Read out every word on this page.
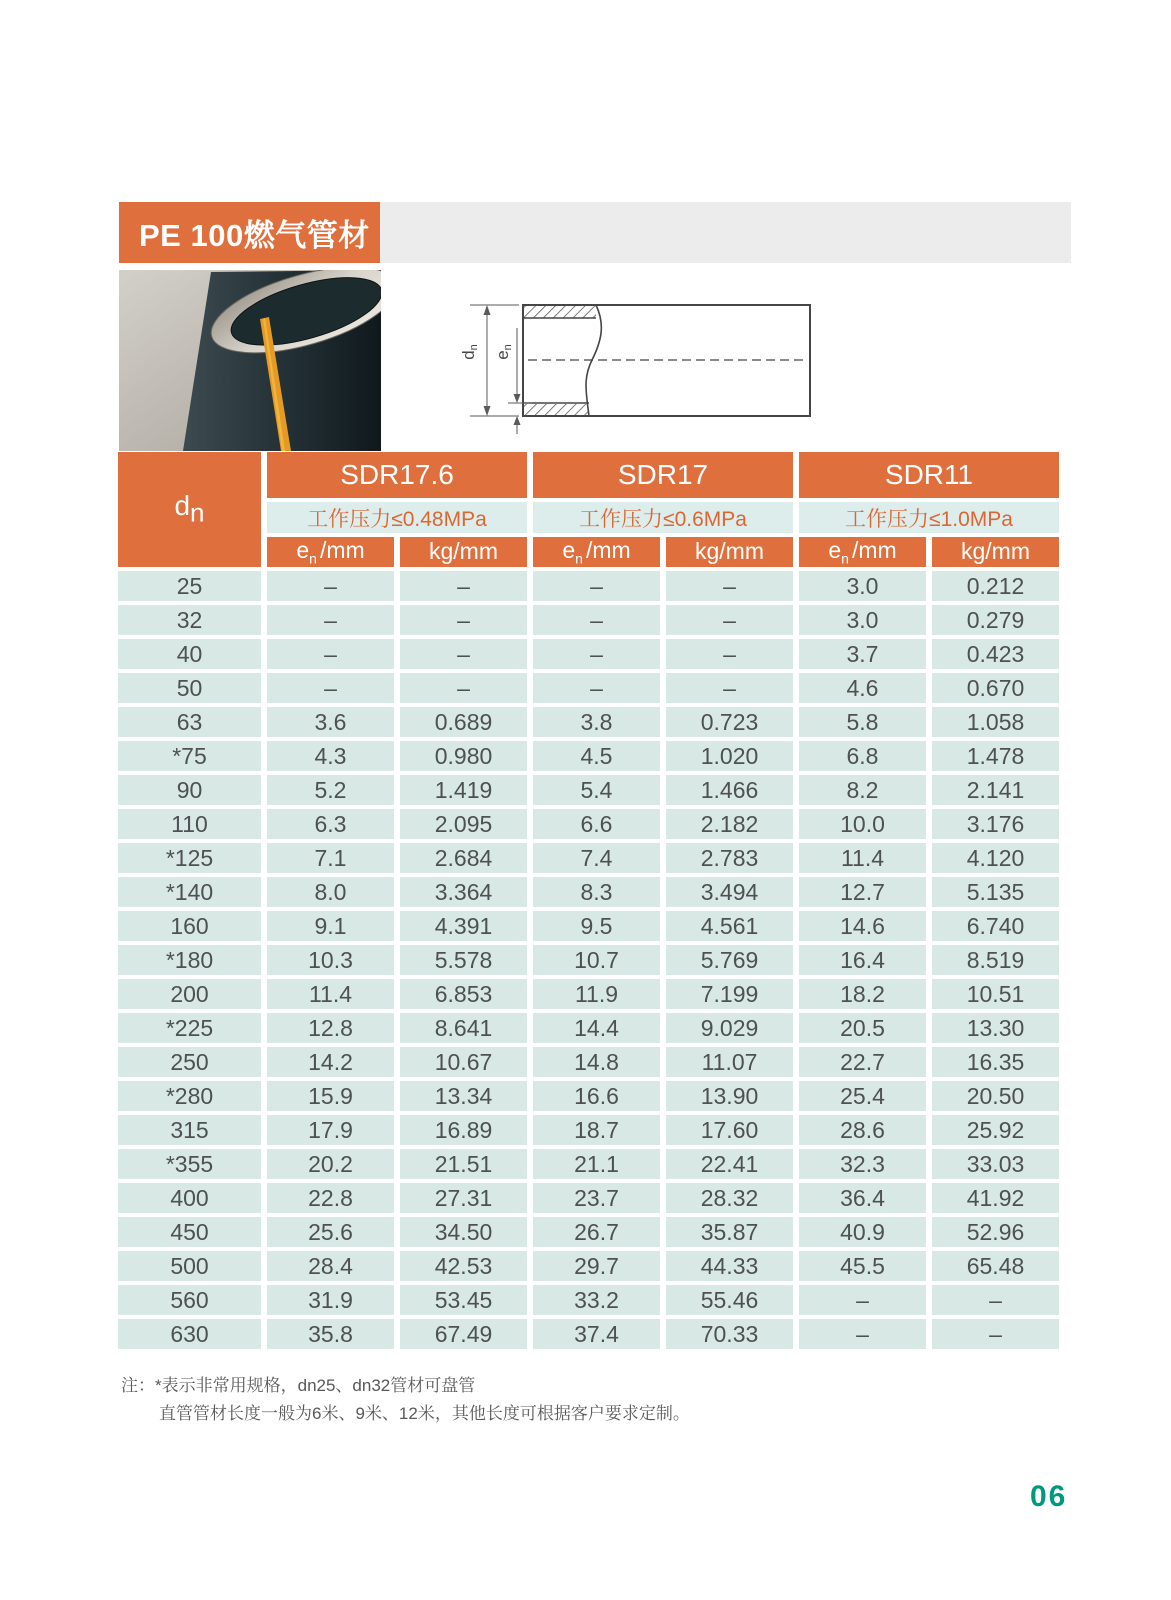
PE 100燃气管材
dn
en
$d_n$	SDR17.6		SDR17		SDR11	
	工作压力≤0.48MPa		工作压力≤0.6MPa		工作压力≤1.0MPa	
	$e_n$ /mm	kg/mm	$e_n$ /mm	kg/mm	$e_n$ /mm	kg/mm
25	–	–	–	–	3.0	0.212
32	–	–	–	–	3.0	0.279
40	–	–	–	–	3.7	0.423
50	–	–	–	–	4.6	0.670
63	3.6	0.689	3.8	0.723	5.8	1.058
*75	4.3	0.980	4.5	1.020	6.8	1.478
90	5.2	1.419	5.4	1.466	8.2	2.141
110	6.3	2.095	6.6	2.182	10.0	3.176
*125	7.1	2.684	7.4	2.783	11.4	4.120
*140	8.0	3.364	8.3	3.494	12.7	5.135
160	9.1	4.391	9.5	4.561	14.6	6.740
*180	10.3	5.578	10.7	5.769	16.4	8.519
200	11.4	6.853	11.9	7.199	18.2	10.51
*225	12.8	8.641	14.4	9.029	20.5	13.30
250	14.2	10.67	14.8	11.07	22.7	16.35
*280	15.9	13.34	16.6	13.90	25.4	20.50
315	17.9	16.89	18.7	17.60	28.6	25.92
*355	20.2	21.51	21.1	22.41	32.3	33.03
400	22.8	27.31	23.7	28.32	36.4	41.92
450	25.6	34.50	26.7	35.87	40.9	52.96
500	28.4	42.53	29.7	44.33	45.5	65.48
560	31.9	53.45	33.2	55.46	–	–
630	35.8	67.49	37.4	70.33	–	–
注：*表示非常用规格，dn25、dn32管材可盘管
直管管材长度一般为6米、9米、12米，其他长度可根据客户要求定制。
06
